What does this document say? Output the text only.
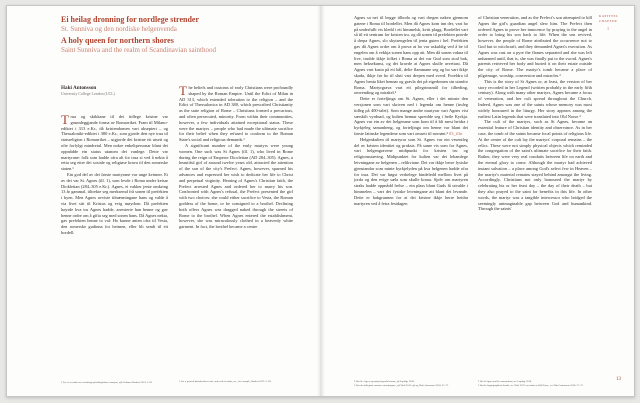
Ei heilag dronning for nordlege strender
St. Sunniva og den nordiske helgenvenda
A holy queen for northern shores
Saint Sunniva and the realm of Scandinavian sainthood
Haki Antonsson
University College London (UCL)

Trua og skikkane til dei tidlege kristne var grunnleggjande forma av Romarriket. Fram til Milano-ediktet i 313 e.Kr., då kristendomen vart akseptert – og Thessaloniki-ediktet i 380 e.Kr., som gjorde den nye trua til statsreligion i Romarriket – utgjorde dei kristne eit utsett og ofte forfylgt mindretal. Men nokre enkeltpersonar blant dei oppnådde ein status utanom det vanlege. Dette var martyrane: folk som hadde ofra alt for trua si ved å nekta å retta seg etter dei sosiale og religiøse krava til den romerske staten.¹

Ein god del av dei første martyrane var unge kvinner. Ei av dei var St. Agnes (ill. 1), som levde i Roma under keisar Diokletian (284–305 e.Kr.). Agnes, ei vakker jente omkring 13 år gammal, tiltrekte seg merksemd frå sonen til prefekten i byen. Men Agnes avviste tilnærmingane hans og valde å via livet sitt til Kristus og evig møydom. Då prefekten høyrde kva tru Agnes hadde, arresterte han henne og gav henne ordre om å gifta seg med sonen hans. Då Agnes nekta, gav prefekten henne to val: Ho kunne anten ofra til Vesta, den romerske gudinna for heimen, eller bli sendt til eit bordell.

The beliefs and customs of early Christians were profoundly shaped by the Roman Empire. Until the Edict of Milan in AD 313, which extended toleration to the religion – and the Edict of Thessalonica in AD 380, which prescribed Christianity as the state religion of Rome – Christians formed a precarious, and often persecuted, minority. From within their communities, however, a few individuals attained exceptional status. These were the martyrs – people who had made the ultimate sacrifice for their belief when they refused to conform to the Roman State's social and religious demands.¹

A significant number of the early martyrs were young women. One such was St Agnes (ill. 1), who lived in Rome during the reign of Emperor Diocletian (AD 284–305). Agnes, a beautiful girl of around twelve years old, attracted the attention of the son of the city's Prefect. Agnes, however, spurned his advances and expressed her wish to dedicate her life to Christ and perpetual virginity. Hearing of Agnes's Christian faith, the Prefect arrested Agnes and ordered her to marry his son. Confronted with Agnes's refusal, the Prefect presented the girl with two choices: she could either sacrifice to Vesta, the Roman goddess of the home, or be consigned to a brothel. Declining both offers Agnes was dragged naked through the streets of Rome to the brothel. When Agnes entered the establishment, however, she was miraculously clothed in a heavenly white garment. In fact, the brothel became a centre

1 For ei oversikt over forskinga på tidlegkristne martyrar, sjå til dømes Bartlett 2013: 3–28.	1 For a general introduction to the early cult of saints, see, for example, Bartlett 2013: 3–28.
KAPITTEL
CHAPTER
1

Agnes sa nei til begge tilboda og vart dregen naken gjennom gatene i Roma til bordellet. Men då Agnes kom inn der, vart ho på underfullt vis kledd i eit himmelsk, kvitt plagg. Bordellet vart så til eit sentrum for kristen tru, og då sonen til prefekten prøvde å drepa Agnes, slo skytsengelen til jenta guten i hel. Prefekten gav då Agnes ordre om å prova at ho var uskuldig ved å be til engelen om å vekkja sonen hans opp att. Men då sonen vakna til live, trudde ikkje folket i Roma at det var Gud som stod bak, men heksekunst, og dei kravde at Agnes skulle avrettast. Då Agnes vart kasta på eit bål, delte flammane seg og ho vart ikkje skada, ikkje før ho til slutt vart drepen med sverd. Foreldra til Agnes henta liket hennar og gravla det på eigedomen sin utanfor Roma. Martyrgrava vart eit pilegrimsmål for tilbeding, omvending og mirakel.²

Dette er forteljinga om St. Agnes, eller i det minste den versjonen som vart skriven ned i legenda om henne (truleg tidleg på 400-talet). Som mange andre martyrar vart Agnes vist særskilt vyrdnad, og kulten hennar spreidde seg i heile Kyrkja. Agnes var ein av dei helgenane som kom til å bli mest heidra i kyrkjeleg samanheng, og forteljinga om henne var blant dei første latinske legendene som vart omsett til norrønt.³ 03_illu

Helgenkulten til martyrar som St. Agnes var ein vesentleg del av kristen identitet og praksis. På same vis som for Agnes, vart helgengravene midtpunkt for kristen tru og religionsutøving. Midtpunktet for kulten var dei lekamlege leivningane av helgenen – relikviane. Dei var ikkje berre fysiske gjenstandar som minte kyrkjelyden på kva helgenen hadde ofra for trua. Dei var høgst verkelege bindeledd mellom livet på jorda og den evige sæla som skulle koma. Sjølv om martyren straks hadde oppnådd frelse – ein plass blant Guds få utvalde i himmelen – vart dei fysiske leivningane att blant dei levande. Dette er bakgrunnen for at dei kristne ikkje berre heidra martyren ved å feira festdagen

of Christian veneration, and as the Prefect's son attempted to kill Agnes the girl's guardian angel slew him. The Prefect then ordered Agnes to prove her innocence by praying to the angel in order to bring his son back to life. When the son revived, however, the people of Rome attributed the occurrence not to God but to witchcraft, and they demanded Agnes's execution. As Agnes was cast on a pyre the flames separated and she was left unharmed until, that is, she was finally put to the sword. Agnes's parents retrieved her body and buried it on their estate outside the city of Rome. The martyr's tomb became a place of pilgrimage, worship, conversion and miracles.²

This is the story of St Agnes or, at least, the version of her story recorded in her Legend (written probably in the early fifth century). Along with many other martyrs, Agnes became a focus of veneration, and her cult spread throughout the Church. Indeed, Agnes was one of the saints whose memory was most widely honoured in the liturgy. Her story appears among the earliest Latin legends that were translated into Old Norse.³

The cult of the martyrs, such as St Agnes, became an essential feature of Christian identity and observance. As in her case, the tomb of the saints became focal points of religious life. At the centre of the cult lay the martyrs' corporal remains – the relics. These were not simply physical objects which reminded the congregation of the saint's ultimate sacrifice for their faith. Rather, they were very real conduits between life on earth and the eternal glory to come. Although the martyr had achieved instant salvation – a place among God's select few in Heaven – the martyr's material remains stayed behind amongst the living. Accordingly, Christians not only honoured the martyr by celebrating his or her feast day – the day of their death – but they also prayed to the saint for benefits in this life. In other words, the martyr was a tangible intercessor who bridged the seemingly unimaginable gap between God and humankind. Through the saints'

2 Om St. Agnes og martyrlegenda hennar, sjå Lapidge 2018.
3 Om dei tidlegaste norrøne omsetjingane, sjå Wolf 2013; sjå og Haki Antonsson 2018: 27–37.
2 On St Agnes and her martyrdom, see Lapidge 2018.
3 On the hagiographical details, see Wolf 2013; on saints in Old Norse, see Haki Antonsson 2018: 27–37.
13
